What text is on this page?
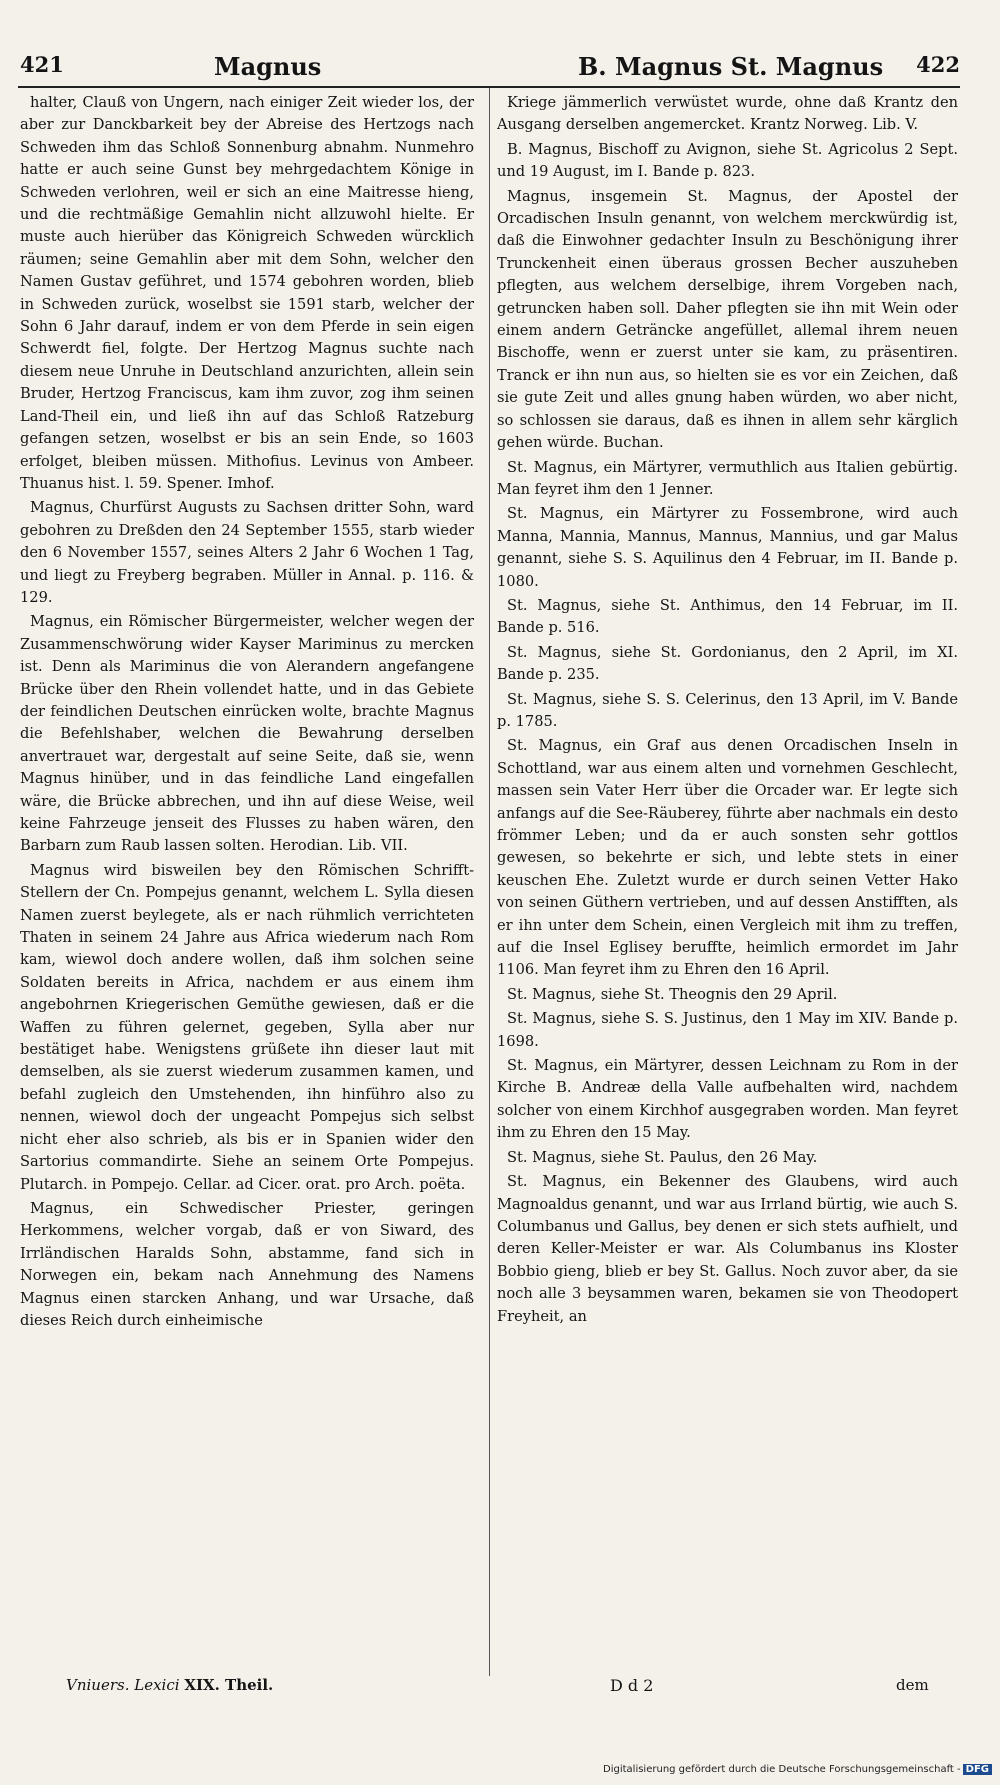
421	Magnus	B. Magnus St. Magnus 422

halter, Clauß von Ungern, nach einiger Zeit wieder los, der aber zur Danckbarkeit bey der Abreise des Hertzogs nach Schweden ihm das Schloß Sonnenburg abnahm. Nunmehro hatte er auch seine Gunst bey mehrgedachtem Könige in Schweden verlohren, weil er sich an eine Maitresse hieng, und die rechtmäßige Gemahlin nicht allzuwohl hielte. Er muste auch hierüber das Königreich Schweden würcklich räumen; seine Gemahlin aber mit dem Sohn, welcher den Namen Gustav geführet, und 1574 gebohren worden, blieb in Schweden zurück, woselbst sie 1591 starb, welcher der Sohn 6 Jahr darauf, indem er von dem Pferde in sein eigen Schwerdt fiel, folgte. Der Hertzog Magnus suchte nach diesem neue Unruhe in Deutschland anzurichten, allein sein Bruder, Hertzog Franciscus, kam ihm zuvor, zog ihm seinen Land-Theil ein, und ließ ihn auf das Schloß Ratzeburg gefangen setzen, woselbst er bis an sein Ende, so 1603 erfolget, bleiben müssen. Mithofius. Levinus von Ambeer. Thuanus hist. l. 59. Spener. Imhof.

Magnus, Churfürst Augusts zu Sachsen dritter Sohn, ward gebohren zu Dreßden den 24 September 1555, starb wieder den 6 November 1557, seines Alters 2 Jahr 6 Wochen 1 Tag, und liegt zu Freyberg begraben. Müller in Annal. p. 116. & 129.

Magnus, ein Römischer Bürgermeister, welcher wegen der Zusammenschwörung wider Kayser Mariminus zu mercken ist. Denn als Mariminus die von Alerandern angefangene Brücke über den Rhein vollendet hatte, und in das Gebiete der feindlichen Deutschen einrücken wolte, brachte Magnus die Befehlshaber, welchen die Bewahrung derselben anvertrauet war, dergestalt auf seine Seite, daß sie, wenn Magnus hinüber, und in das feindliche Land eingefallen wäre, die Brücke abbrechen, und ihn auf diese Weise, weil keine Fahrzeuge jenseit des Flusses zu haben wären, den Barbarn zum Raub lassen solten. Herodian. Lib. VII.

Magnus wird bisweilen bey den Römischen Schrifft-Stellern der Cn. Pompejus genannt, welchem L. Sylla diesen Namen zuerst beylegete, als er nach rühmlich verrichteten Thaten in seinem 24 Jahre aus Africa wiederum nach Rom kam, wiewol doch andere wollen, daß ihm solchen seine Soldaten bereits in Africa, nachdem er aus einem ihm angebohrnen Kriegerischen Gemüthe gewiesen, daß er die Waffen zu führen gelernet, gegeben, Sylla aber nur bestätiget habe. Wenigstens grüßete ihn dieser laut mit demselben, als sie zuerst wiederum zusammen kamen, und befahl zugleich den Umstehenden, ihn hinführo also zu nennen, wiewol doch der ungeacht Pompejus sich selbst nicht eher also schrieb, als bis er in Spanien wider den Sartorius commandirte. Siehe an seinem Orte Pompejus. Plutarch. in Pompejo. Cellar. ad Cicer. orat. pro Arch. poëta.

Magnus, ein Schwedischer Priester, geringen Herkommens, welcher vorgab, daß er von Siward, des Irrländischen Haralds Sohn, abstamme, fand sich in Norwegen ein, bekam nach Annehmung des Namens Magnus einen starcken Anhang, und war Ursache, daß dieses Reich durch einheimische

Kriege jämmerlich verwüstet wurde, ohne daß Krantz den Ausgang derselben angemercket. Krantz Norweg. Lib. V.

B. Magnus, Bischoff zu Avignon, siehe St. Agricolus 2 Sept. und 19 August, im I. Bande p. 823.

Magnus, insgemein St. Magnus, der Apostel der Orcadischen Insuln genannt, von welchem merckwürdig ist, daß die Einwohner gedachter Insuln zu Beschönigung ihrer Trunckenheit einen überaus grossen Becher auszuheben pflegten, aus welchem derselbige, ihrem Vorgeben nach, getruncken haben soll. Daher pflegten sie ihn mit Wein oder einem andern Geträncke angefüllet, allemal ihrem neuen Bischoffe, wenn er zuerst unter sie kam, zu präsentiren. Tranck er ihn nun aus, so hielten sie es vor ein Zeichen, daß sie gute Zeit und alles gnung haben würden, wo aber nicht, so schlossen sie daraus, daß es ihnen in allem sehr kärglich gehen würde. Buchan.

St. Magnus, ein Märtyrer, vermuthlich aus Italien gebürtig. Man feyret ihm den 1 Jenner.

St. Magnus, ein Märtyrer zu Fossembrone, wird auch Manna, Mannia, Mannus, Mannus, Mannius, und gar Malus genannt, siehe S. S. Aquilinus den 4 Februar, im II. Bande p. 1080.

St. Magnus, siehe St. Anthimus, den 14 Februar, im II. Bande p. 516.

St. Magnus, siehe St. Gordonianus, den 2 April, im XI. Bande p. 235.

St. Magnus, siehe S. S. Celerinus, den 13 April, im V. Bande p. 1785.

St. Magnus, ein Graf aus denen Orcadischen Inseln in Schottland, war aus einem alten und vornehmen Geschlecht, massen sein Vater Herr über die Orcader war. Er legte sich anfangs auf die See-Räuberey, führte aber nachmals ein desto frömmer Leben; und da er auch sonsten sehr gottlos gewesen, so bekehrte er sich, und lebte stets in einer keuschen Ehe. Zuletzt wurde er durch seinen Vetter Hako von seinen Güthern vertrieben, und auf dessen Anstifften, als er ihn unter dem Schein, einen Vergleich mit ihm zu treffen, auf die Insel Eglisey beruffte, heimlich ermordet im Jahr 1106. Man feyret ihm zu Ehren den 16 April.

St. Magnus, siehe St. Theognis den 29 April.

St. Magnus, siehe S. S. Justinus, den 1 May im XIV. Bande p. 1698.

St. Magnus, ein Märtyrer, dessen Leichnam zu Rom in der Kirche B. Andreæ della Valle aufbehalten wird, nachdem solcher von einem Kirchhof ausgegraben worden. Man feyret ihm zu Ehren den 15 May.

St. Magnus, siehe St. Paulus, den 26 May.

St. Magnus, ein Bekenner des Glaubens, wird auch Magnoaldus genannt, und war aus Irrland bürtig, wie auch S. Columbanus und Gallus, bey denen er sich stets aufhielt, und deren Keller-Meister er war. Als Columbanus ins Kloster Bobbio gieng, blieb er bey St. Gallus. Noch zuvor aber, da sie noch alle 3 beysammen waren, bekamen sie von Theodopert Freyheit, an

Vniuers. Lexici XIX. Theil.	D d 2	dem
Digitalisierung gefördert durch die Deutsche Forschungsgemeinschaft - DFG
